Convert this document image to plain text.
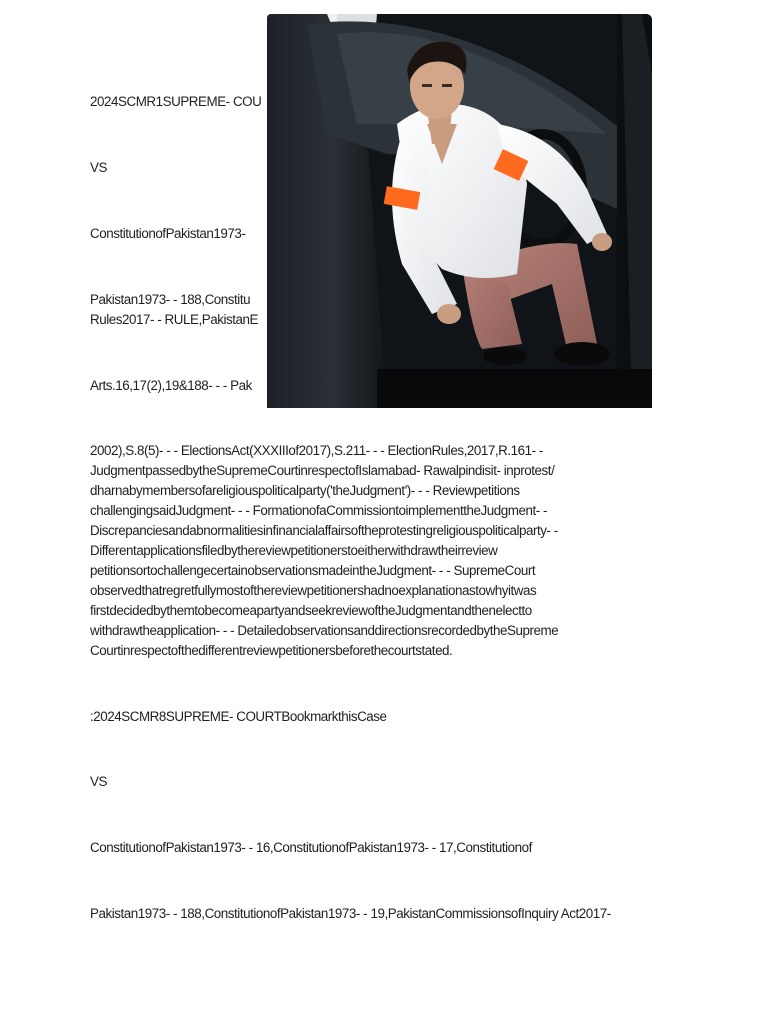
2024SCMR1SUPREME- COU

VS

ConstitutionofPakistan1973-

Pakistan1973- - 188,Constitu

Rules2017- - RULE,PakistanE

Arts.16,17(2),19&188- - - Pak

2002),S.8(5)- - - ElectionsAct(XXXIIIof2017),S.211- - - ElectionRules,2017,R.161- -
JudgmentpassedbytheSupremeCourtinrespectofIslamabad- Rawalpindisit- inprotest/
dharnabymembersofareligiouspoliticalparty('theJudgment')- - - Reviewpetitions
challengingsaidJudgment- - - FormationofaCommissiontoimplementtheJudgment- -
Discrepanciesandabnormalitiesinfinancialaffairsoftheprotestingreligiouspoliticalparty- -
Differentapplicationsfiledbythereviewpetitionerstoeitherwithdrawtheirreview
petitionsortochallengecertainobservationsmadeintheJudgment- - - SupremeCourt
observedthatregretfullymostofthereviewpetitionershadnoexplanationastowhyitwas
firstdecidedbythemtobecomeapartyandseekreviewoftheJudgmentandthenelectto
withdrawtheapplication- - - DetailedobservationsanddirectionsrecordedbytheSupreme
Courtinrespectofthedifferentreviewpetitionersbeforethecourtstated.

:2024SCMR8SUPREME- COURTBookmarkthisCase

VS

ConstitutionofPakistan1973- - 16,ConstitutionofPakistan1973- - 17,Constitutionof

Pakistan1973- - 188,ConstitutionofPakistan1973- - 19,PakistanCommissionsofInquiry Act2017-
